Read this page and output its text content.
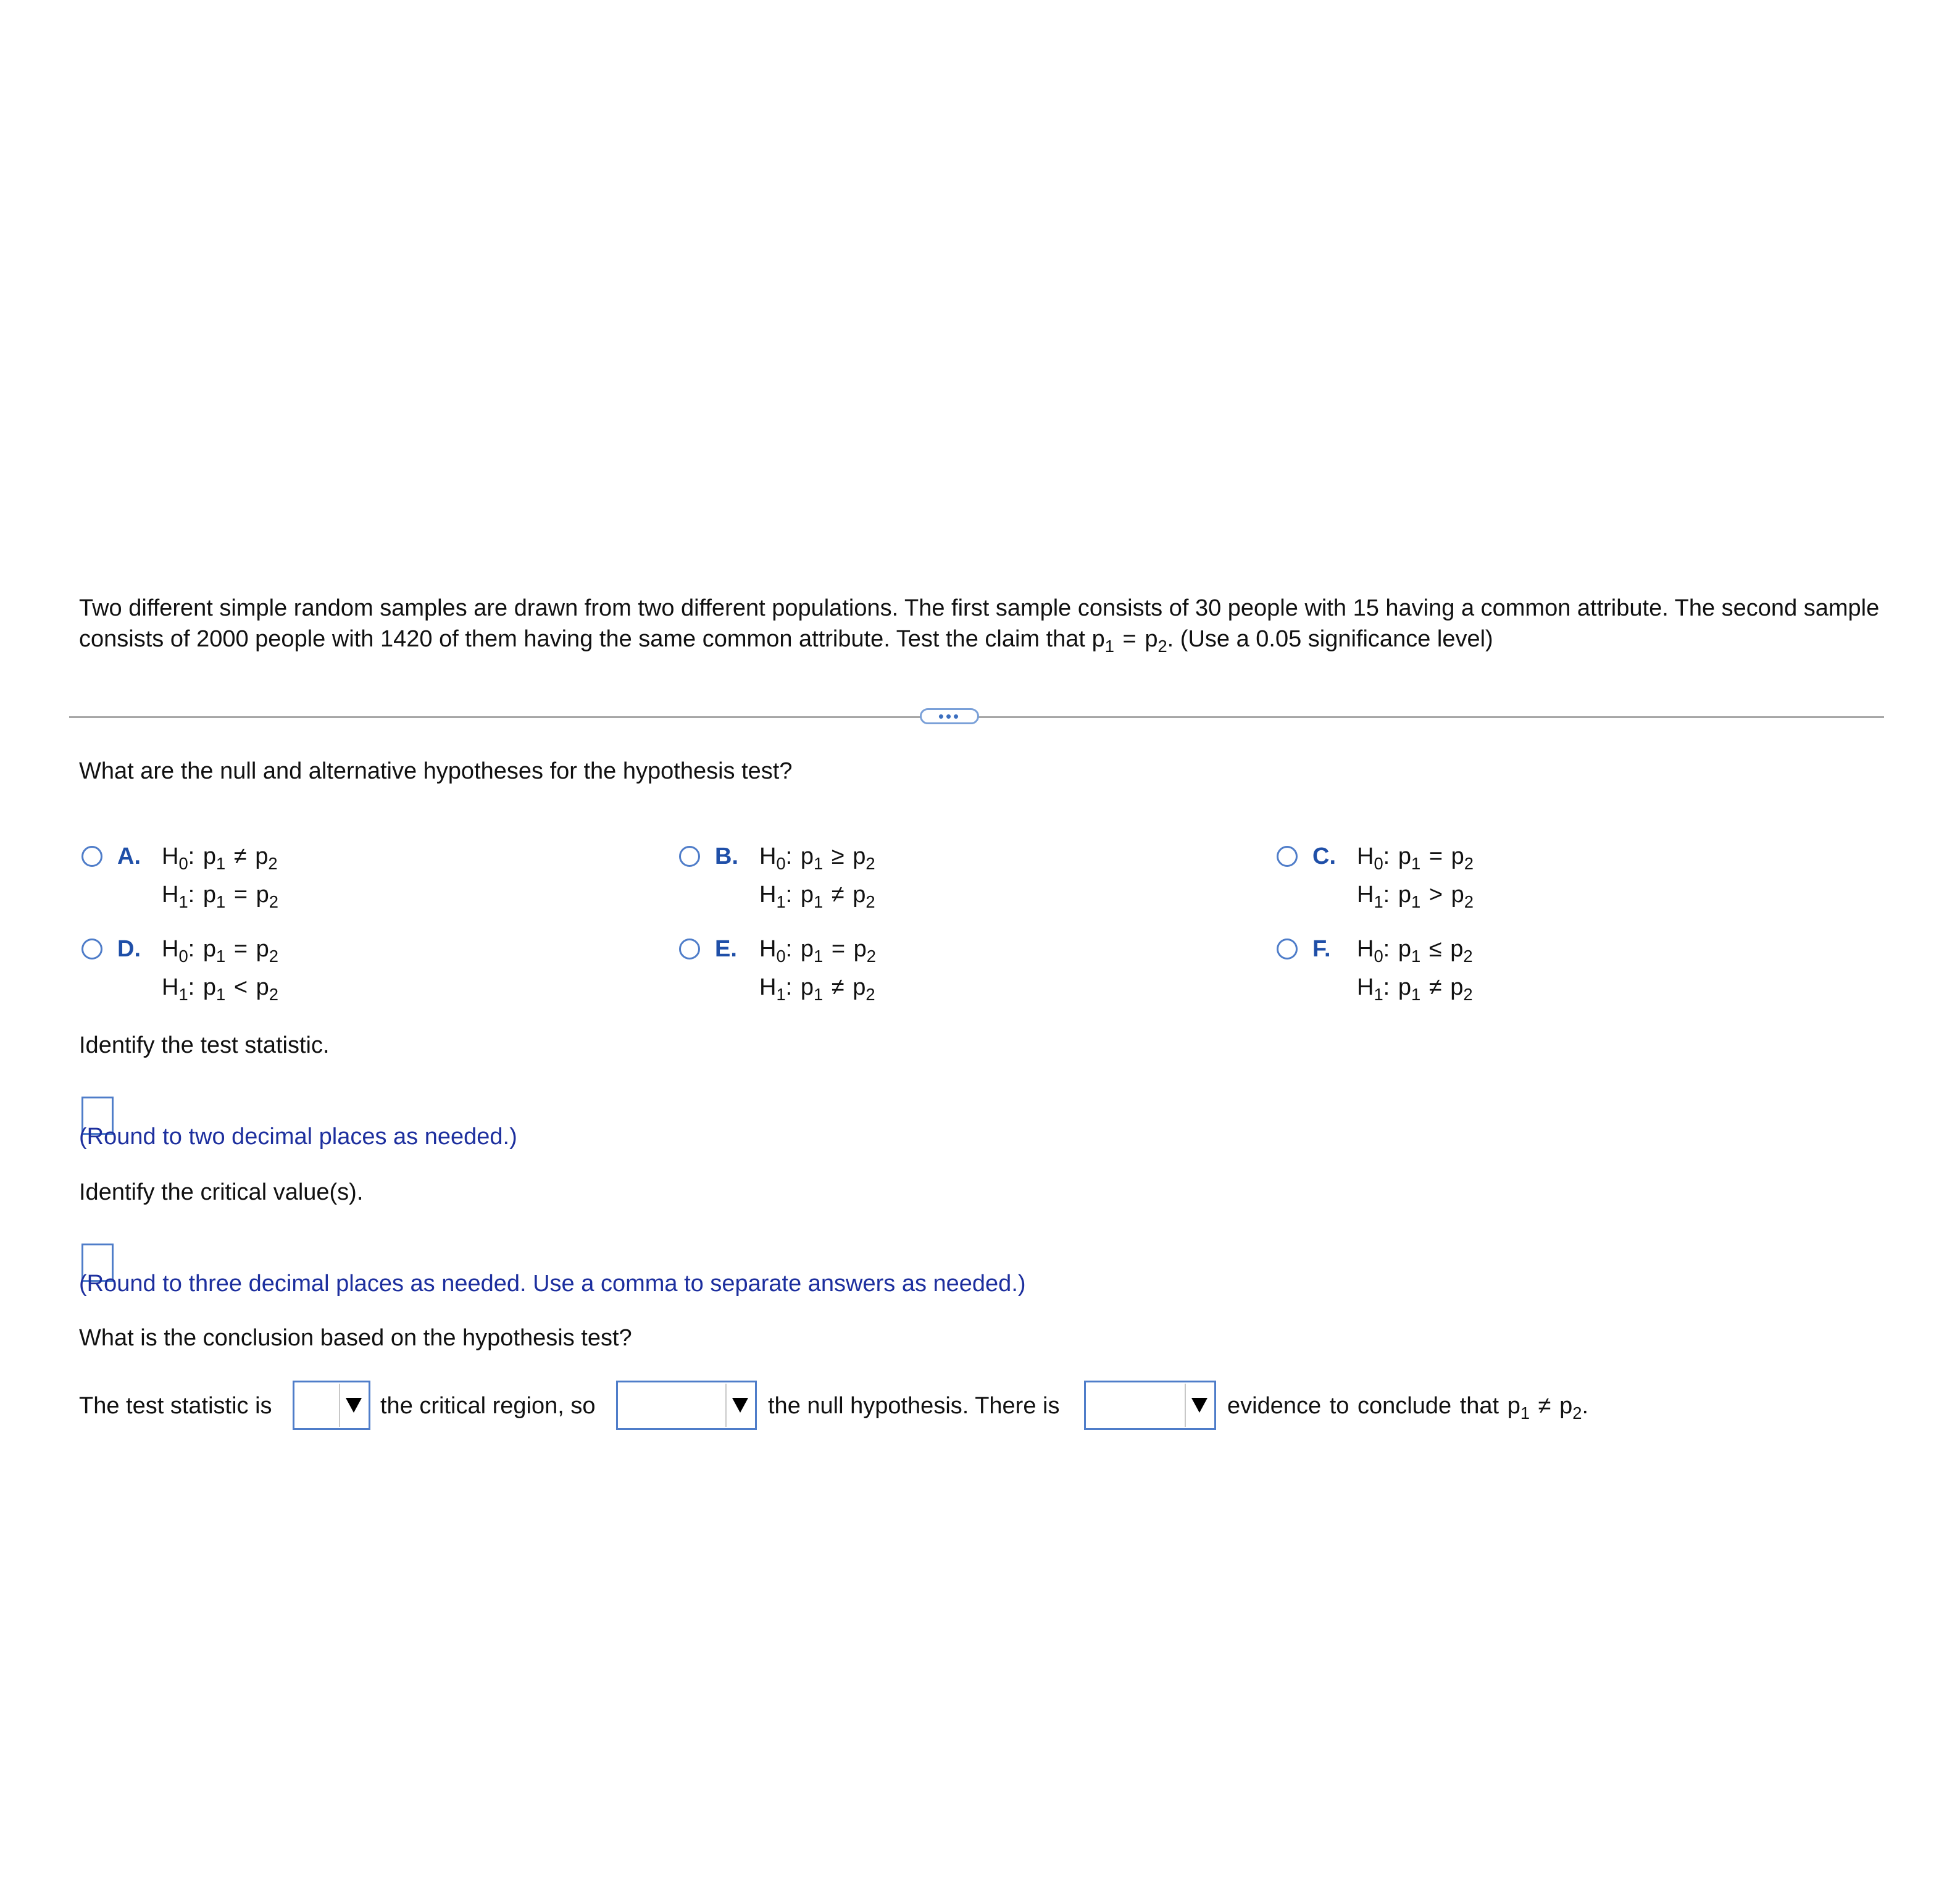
Two different simple random samples are drawn from two different populations. The first sample consists of 30 people with 15 having a common attribute. The second sample consists of 2000 people with 1420 of them having the same common attribute. Test the claim that $p_1 = p_2$. (Use a 0.05 significance level)
•••
What are the null and alternative hypotheses for the hypothesis test?
A. $H_0$: $p_1 \ne p_2$
$H_1$: $p_1 = p_2$
B. $H_0$: $p_1 \ge p_2$
$H_1$: $p_1 \ne p_2$
C. $H_0$: $p_1 = p_2$
$H_1$: $p_1 > p_2$
D. $H_0$: $p_1 = p_2$
$H_1$: $p_1 < p_2$
E. $H_0$: $p_1 = p_2$
$H_1$: $p_1 \ne p_2$
F. $H_0$: $p_1 \le p_2$
$H_1$: $p_1 \ne p_2$
Identify the test statistic.
(Round to two decimal places as needed.)
Identify the critical value(s).
(Round to three decimal places as needed. Use a comma to separate answers as needed.)
What is the conclusion based on the hypothesis test?
The test statistic is	the critical region, so	the null hypothesis. There is	evidence to conclude that $p_1 \ne p_2$.
